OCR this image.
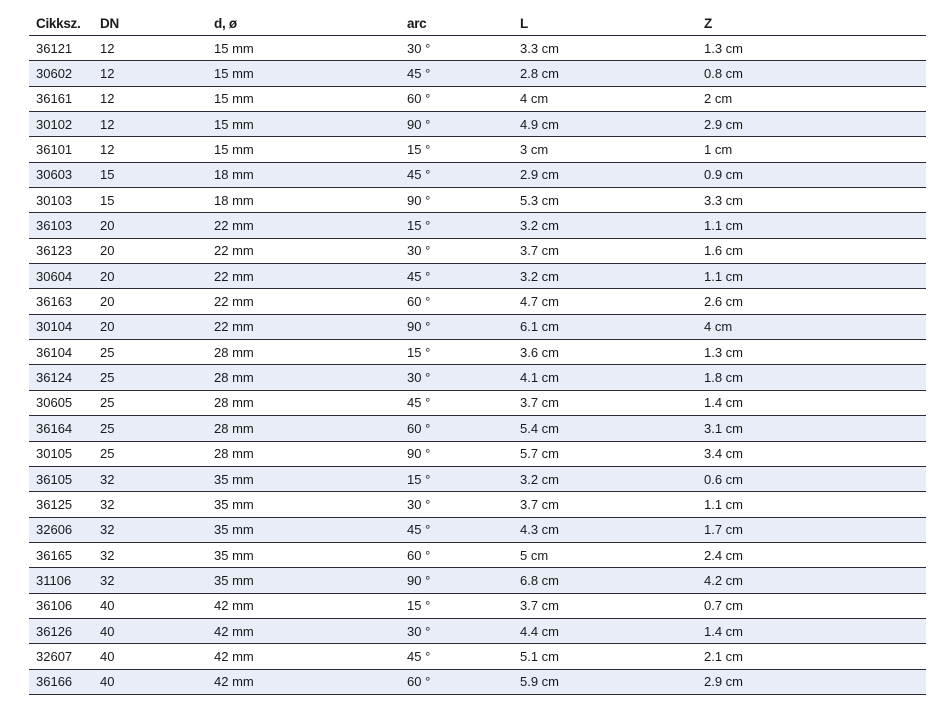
Cikksz. DN	d, ø	arc	L	Z
36121 12	15 mm	30 °	3.3 cm	1.3 cm
30602 12	15 mm	45 °	2.8 cm	0.8 cm
36161 12	15 mm	60 °	4 cm	2 cm
30102 12	15 mm	90 °	4.9 cm	2.9 cm
36101 12	15 mm	15 °	3 cm	1 cm
30603 15	18 mm	45 °	2.9 cm	0.9 cm
30103 15	18 mm	90 °	5.3 cm	3.3 cm
36103 20	22 mm	15 °	3.2 cm	1.1 cm
36123 20	22 mm	30 °	3.7 cm	1.6 cm
30604 20	22 mm	45 °	3.2 cm	1.1 cm
36163 20	22 mm	60 °	4.7 cm	2.6 cm
30104 20	22 mm	90 °	6.1 cm	4 cm
36104 25	28 mm	15 °	3.6 cm	1.3 cm
36124 25	28 mm	30 °	4.1 cm	1.8 cm
30605 25	28 mm	45 °	3.7 cm	1.4 cm
36164 25	28 mm	60 °	5.4 cm	3.1 cm
30105 25	28 mm	90 °	5.7 cm	3.4 cm
36105 32	35 mm	15 °	3.2 cm	0.6 cm
36125 32	35 mm	30 °	3.7 cm	1.1 cm
32606 32	35 mm	45 °	4.3 cm	1.7 cm
36165 32	35 mm	60 °	5 cm	2.4 cm
31106 32	35 mm	90 °	6.8 cm	4.2 cm
36106 40	42 mm	15 °	3.7 cm	0.7 cm
36126 40	42 mm	30 °	4.4 cm	1.4 cm
32607 40	42 mm	45 °	5.1 cm	2.1 cm
36166 40	42 mm	60 °	5.9 cm	2.9 cm
